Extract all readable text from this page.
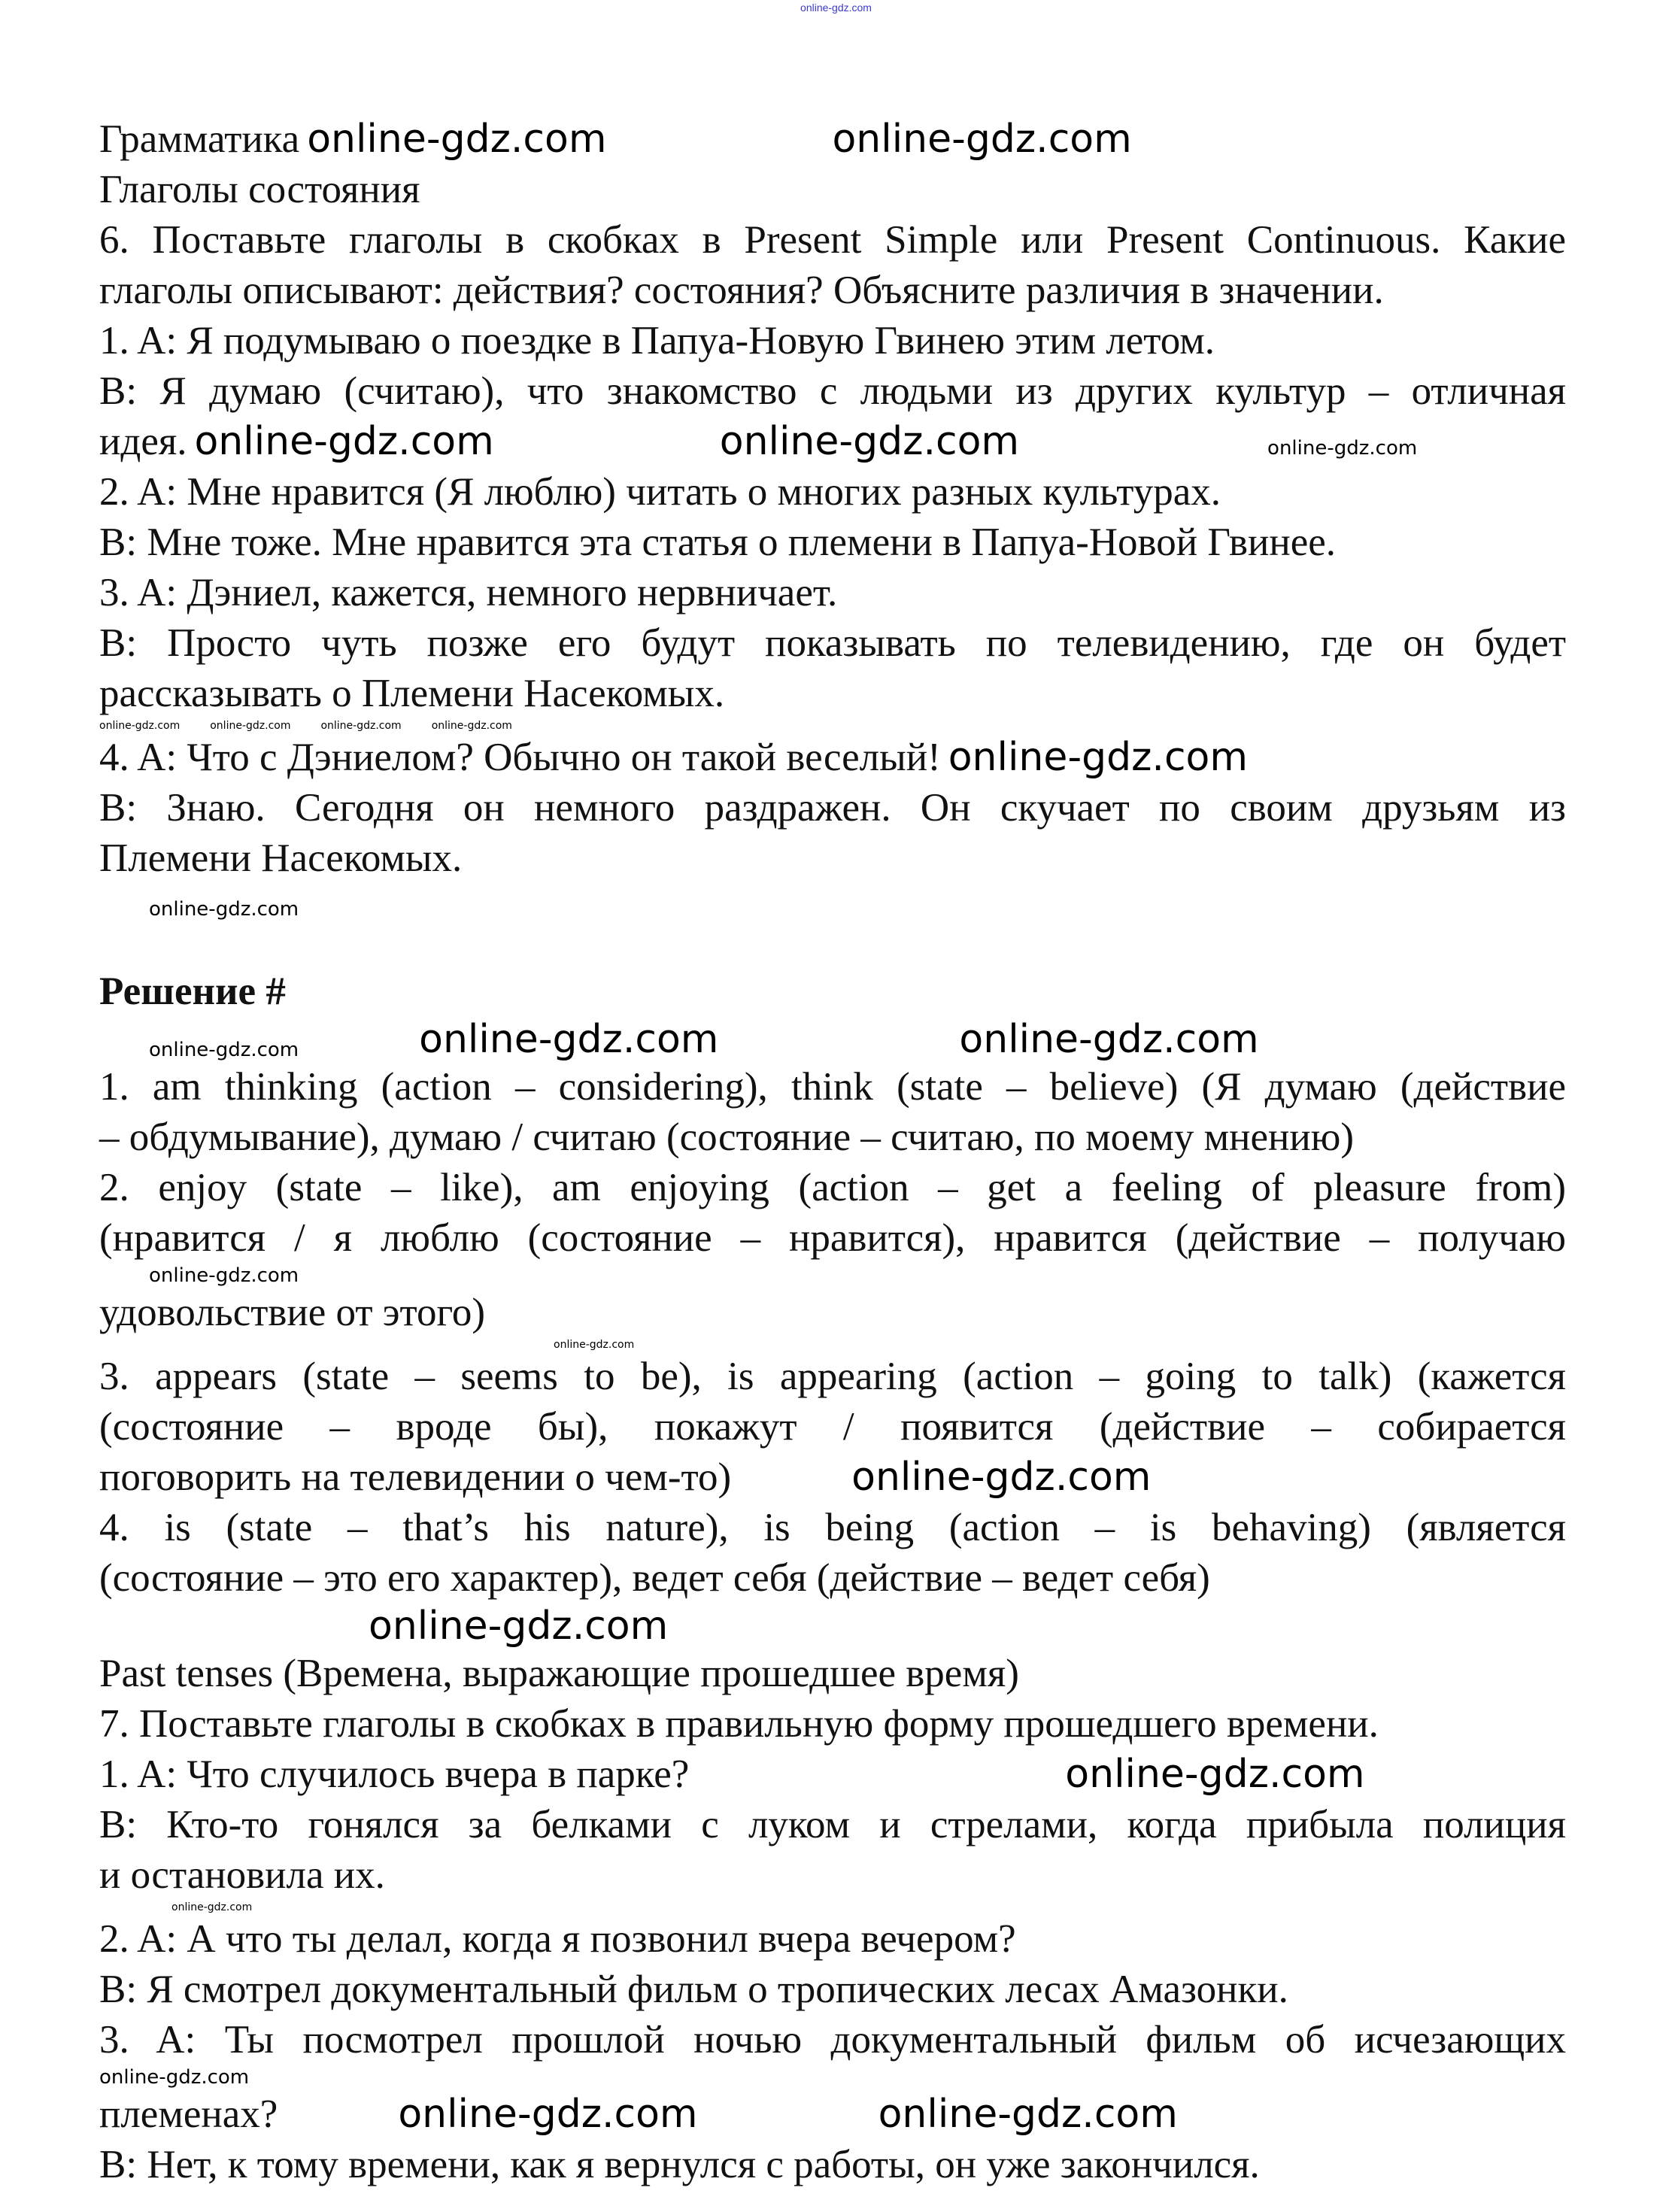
online-gdz.com
Грамматика online-gdz.com	online-gdz.com
Глаголы состояния
6. Поставьте глаголы в скобках в Present Simple или Present Continuous. Какие
глаголы описывают: действия? состояния? Объясните различия в значении.
1. A: Я подумываю о поездке в Папуа-Новую Гвинею этим летом.
B: Я думаю (считаю), что знакомство с людьми из других культур – отличная
идея. online-gdz.com	online-gdz.com	online-gdz.com
2. A: Мне нравится (Я люблю) читать о многих разных культурах.
B: Мне тоже. Мне нравится эта статья о племени в Папуа-Новой Гвинее.
3. A: Дэниел, кажется, немного нервничает.
B: Просто чуть позже его будут показывать по телевидению, где он будет
рассказывать о Племени Насекомых.
online-gdz.com	online-gdz.com	online-gdz.com	online-gdz.com
4. A: Что с Дэниелом? Обычно он такой веселый! online-gdz.com
B: Знаю. Сегодня он немного раздражен. Он скучает по своим друзьям из
Племени Насекомых.
online-gdz.com
Решение #
online-gdz.com	online-gdz.com	online-gdz.com
1. am thinking (action – considering), think (state – believe) (Я думаю (действие
– обдумывание), думаю / считаю (состояние – считаю, по моему мнению)
2. enjoy (state – like), am enjoying (action – get a feeling of pleasure from)
(нравится / я люблю (состояние – нравится), нравится (действие – получаю
online-gdz.com
удовольствие от этого)
online-gdz.com
3. appears (state – seems to be), is appearing (action – going to talk) (кажется
(состояние – вроде бы), покажут / появится (действие – собирается
поговорить на телевидении о чем-то)	online-gdz.com
4. is (state – that’s his nature), is being (action – is behaving) (является
(состояние – это его характер), ведет себя (действие – ведет себя)
online-gdz.com
Past tenses (Времена, выражающие прошедшее время)
7. Поставьте глаголы в скобках в правильную форму прошедшего времени.
1. A: Что случилось вчера в парке?	online-gdz.com
B: Кто-то гонялся за белками с луком и стрелами, когда прибыла полиция
и остановила их.
online-gdz.com
2. A: А что ты делал, когда я позвонил вчера вечером?
B: Я смотрел документальный фильм о тропических лесах Амазонки.
3. A: Ты посмотрел прошлой ночью документальный фильм об исчезающих
online-gdz.com
племенах?	online-gdz.com	online-gdz.com
B: Нет, к тому времени, как я вернулся с работы, он уже закончился.
